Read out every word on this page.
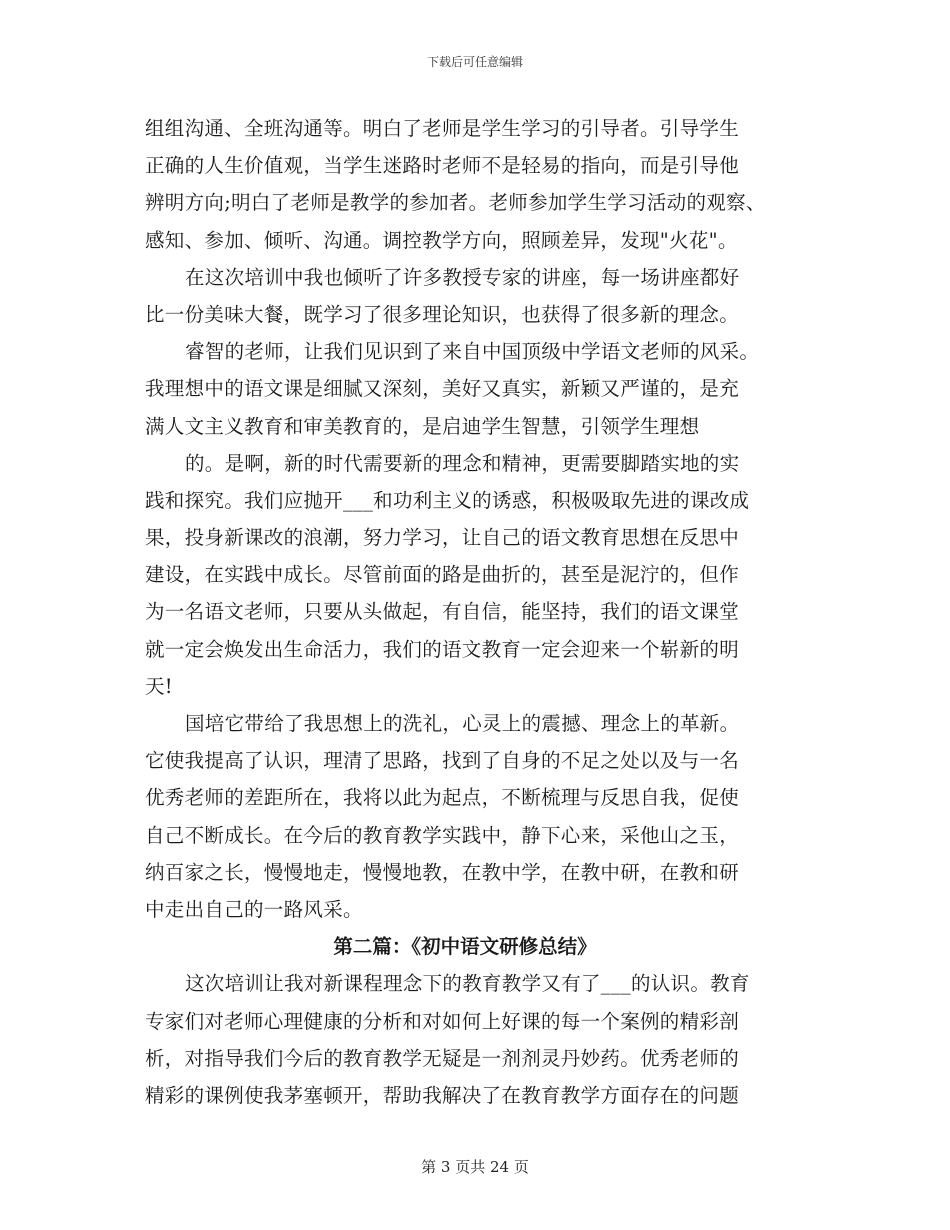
下载后可任意编辑
组组沟通、全班沟通等。明白了老师是学生学习的引导者。引导学生
正确的人生价值观，当学生迷路时老师不是轻易的指向，而是引导他
辨明方向;明白了老师是教学的参加者。老师参加学生学习活动的观察、
感知、参加、倾听、沟通。调控教学方向，照顾差异，发现"火花"。
在这次培训中我也倾听了许多教授专家的讲座，每一场讲座都好
比一份美味大餐，既学习了很多理论知识，也获得了很多新的理念。
睿智的老师，让我们见识到了来自中国顶级中学语文老师的风采。
我理想中的语文课是细腻又深刻，美好又真实，新颖又严谨的，是充
满人文主义教育和审美教育的，是启迪学生智慧，引领学生理想
的。是啊，新的时代需要新的理念和精神，更需要脚踏实地的实
践和探究。我们应抛开___和功利主义的诱惑，积极吸取先进的课改成
果，投身新课改的浪潮，努力学习，让自己的语文教育思想在反思中
建设，在实践中成长。尽管前面的路是曲折的，甚至是泥泞的，但作
为一名语文老师，只要从头做起，有自信，能坚持，我们的语文课堂
就一定会焕发出生命活力，我们的语文教育一定会迎来一个崭新的明
天!
国培它带给了我思想上的洗礼，心灵上的震撼、理念上的革新。
它使我提高了认识，理清了思路，找到了自身的不足之处以及与一名
优秀老师的差距所在，我将以此为起点，不断梳理与反思自我，促使
自己不断成长。在今后的教育教学实践中，静下心来，采他山之玉，
纳百家之长，慢慢地走，慢慢地教，在教中学，在教中研，在教和研
中走出自己的一路风采。
第二篇：《初中语文研修总结》
这次培训让我对新课程理念下的教育教学又有了___的认识。教育
专家们对老师心理健康的分析和对如何上好课的每一个案例的精彩剖
析，对指导我们今后的教育教学无疑是一剂剂灵丹妙药。优秀老师的
精彩的课例使我茅塞顿开，帮助我解决了在教育教学方面存在的问题
第 3 页共 24 页
